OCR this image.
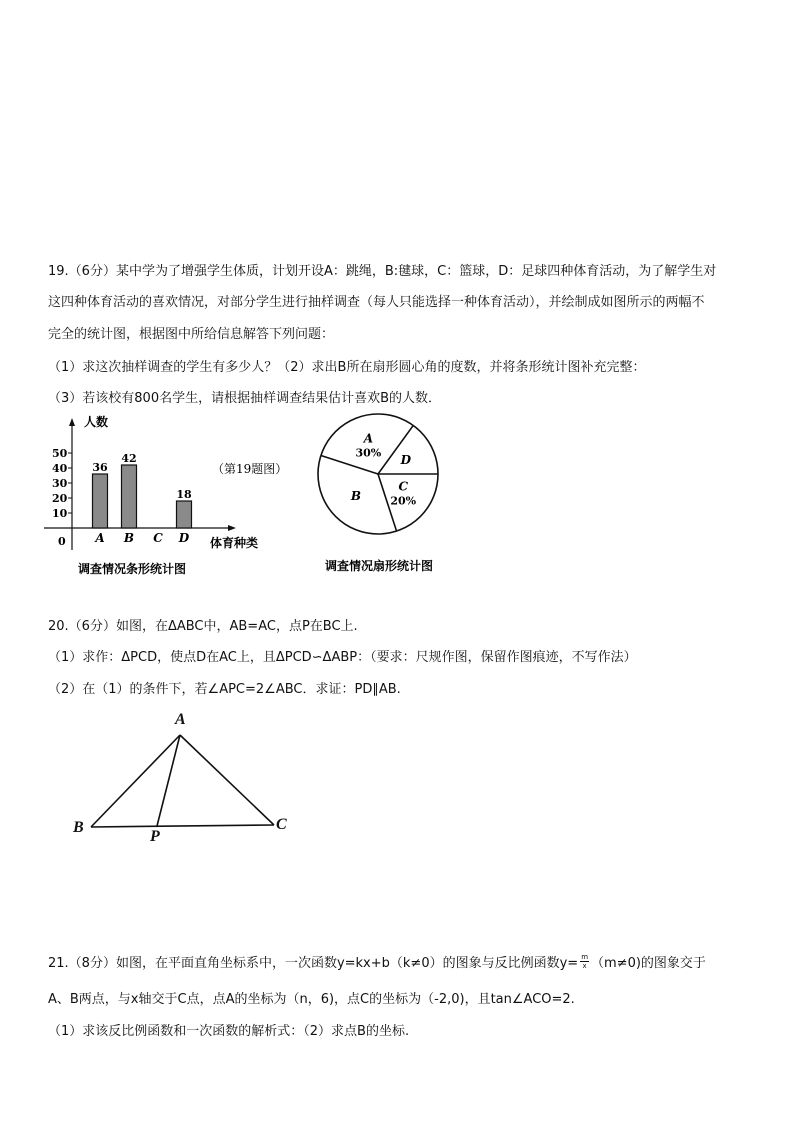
19.（6分）某中学为了增强学生体质，计划开设A：跳绳，B:毽球，C：篮球，D：足球四种体育活动，为了解学生对
这四种体育活动的喜欢情况，对部分学生进行抽样调查（每人只能选择一种体育活动），并绘制成如图所示的两幅不
完全的统计图，根据图中所给信息解答下列问题：
（1）求这次抽样调查的学生有多少人？（2）求出B所在扇形圆心角的度数，并将条形统计图补充完整：
（3）若该校有800名学生，请根据抽样调查结果估计喜欢B的人数．
10
20
30
40
50
36
A
42
B C
18
D
人数
体育种类
0
（第19题图）
调查情况条形统计图
A
30%
D
C
20%
B
调查情况扇形统计图
20.（6分）如图，在ΔABC中，AB=AC，点P在BC上.
（1）求作：ΔPCD，使点D在AC上，且ΔPCD∽ΔABP：（要求：尺规作图，保留作图痕迹，不写作法）
（2）在（1）的条件下，若∠APC=2∠ABC．求证：PD∥AB.
A
B	C
P
21.（8分）如图，在平面直角坐标系中，一次函数y=kx+b（k≠0）的图象与反比例函数$y= \frac{m}{x} (m\ne 0)$的图象交于
A、B两点，与x轴交于C点，点A的坐标为（n，6)，点C的坐标为（-2,0)，且tan∠ACO=2.
（1）求该反比例函数和一次函数的解析式：（2）求点B的坐标.
